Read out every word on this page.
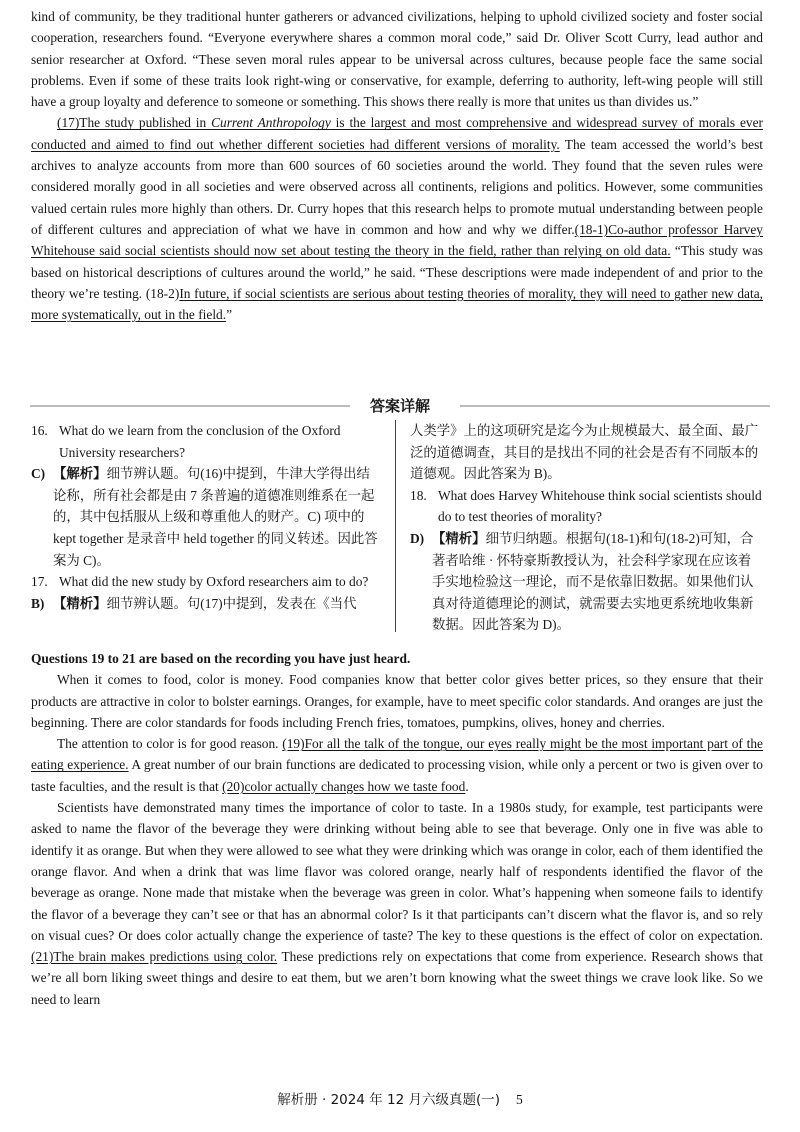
kind of community, be they traditional hunter gatherers or advanced civilizations, helping to uphold civilized society and foster social cooperation, researchers found. “Everyone everywhere shares a common moral code,” said Dr. Oliver Scott Curry, lead author and senior researcher at Oxford. “These seven moral rules appear to be universal across cultures, because people face the same social problems. Even if some of these traits look right-wing or conservative, for example, deferring to authority, left-wing people will still have a group loyalty and deference to someone or something. This shows there really is more that unites us than divides us.”

(17)The study published in Current Anthropology is the largest and most comprehensive and widespread survey of morals ever conducted and aimed to find out whether different societies had different versions of morality. The team accessed the world’s best archives to analyze accounts from more than 600 sources of 60 societies around the world. They found that the seven rules were considered morally good in all societies and were observed across all continents, religions and politics. However, some communities valued certain rules more highly than others. Dr. Curry hopes that this research helps to promote mutual understanding between people of different cultures and appreciation of what we have in common and how and why we differ.(18-1)Co-author professor Harvey Whitehouse said social scientists should now set about testing the theory in the field, rather than relying on old data. “This study was based on historical descriptions of cultures around the world,” he said. “These descriptions were made independent of and prior to the theory we’re testing. (18-2)In future, if social scientists are serious about testing theories of morality, they will need to gather new data, more systematically, out in the field.”

答案详解

16. What do we learn from the conclusion of the Oxford University researchers?

C) 【解析】细节辨认题。句(16)中提到，牛津大学得出结论称，所有社会都是由 7 条普遍的道德准则维系在一起的，其中包括服从上级和尊重他人的财产。C) 项中的 kept together 是录音中 held together 的同义转述。因此答案为 C)。

17. What did the new study by Oxford researchers aim to do?

B) 【精析】细节辨认题。句(17)中提到，发表在《当代

人类学》上的这项研究是迄今为止规模最大、最全面、最广泛的道德调查，其目的是找出不同的社会是否有不同版本的道德观。因此答案为 B)。

18. What does Harvey Whitehouse think social scientists should do to test theories of morality?

D) 【精析】细节归纳题。根据句(18-1)和句(18-2)可知，合著者哈维 · 怀特豪斯教授认为，社会科学家现在应该着手实地检验这一理论，而不是依靠旧数据。如果他们认真对待道德理论的测试，就需要去实地更系统地收集新数据。因此答案为 D)。

Questions 19 to 21 are based on the recording you have just heard.

When it comes to food, color is money. Food companies know that better color gives better prices, so they ensure that their products are attractive in color to bolster earnings. Oranges, for example, have to meet specific color standards. And oranges are just the beginning. There are color standards for foods including French fries, tomatoes, pumpkins, olives, honey and cherries.

The attention to color is for good reason. (19)For all the talk of the tongue, our eyes really might be the most important part of the eating experience. A great number of our brain functions are dedicated to processing vision, while only a percent or two is given over to taste faculties, and the result is that (20)color actually changes how we taste food.

Scientists have demonstrated many times the importance of color to taste. In a 1980s study, for example, test participants were asked to name the flavor of the beverage they were drinking without being able to see that beverage. Only one in five was able to identify it as orange. But when they were allowed to see what they were drinking which was orange in color, each of them identified the orange flavor. And when a drink that was lime flavor was colored orange, nearly half of respondents identified the flavor of the beverage as orange. None made that mistake when the beverage was green in color. What’s happening when someone fails to identify the flavor of a beverage they can’t see or that has an abnormal color? Is it that participants can’t discern what the flavor is, and so rely on visual cues? Or does color actually change the experience of taste? The key to these questions is the effect of color on expectation. (21)The brain makes predictions using color. These predictions rely on expectations that come from experience. Research shows that we’re all born liking sweet things and desire to eat them, but we aren’t born knowing what the sweet things we crave look like. So we need to learn

解析册 · 2024 年 12 月六级真题(一) 5
